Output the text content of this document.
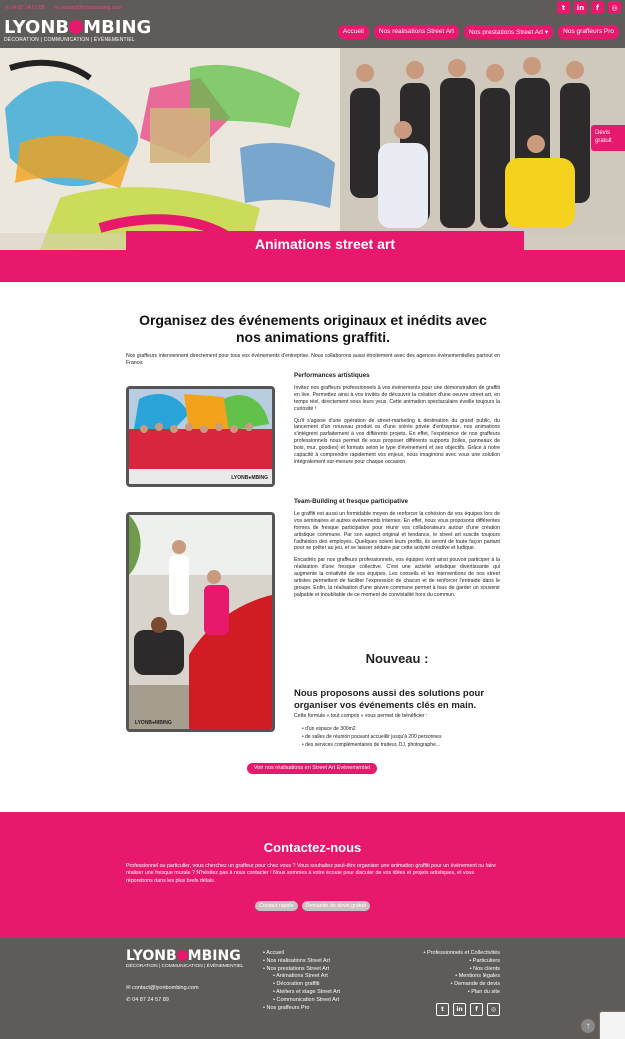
✆ 04 87 24 57 89 ✉ contact@lyonbombing.com	t	in	f	◎
LYONB MBING
DÉCORATION | COMMUNICATION | ÉVÉNEMENTIEL
Accueil	Nos réalisations Street Art	Nos prestations Street Art ▾	Nos graffeurs Pro
Devis gratuit
Animations street art
Organisez des événements originaux et inédits avec nos animations graffiti.

Nos graffeurs interviennent directement pour tous vos événements d'entreprise. Nous collaborons aussi étroitement avec des agences événementielles partout en France.

LYONB●MBING
LYONB●MBING
Performances artistiques

Invitez nos graffeurs professionnels à vos événements pour une démonstration de graffiti en live. Permettez ainsi à vos invités de découvrir la création d'une oeuvre street art, en temps réel, directement sous leurs yeux. Cette animation spectaculaire éveille toujours la curiosité !

Qu'il s'agisse d'une opération de street-marketing à destination du grand public, du lancement d'un nouveau produit ou d'une soirée privée d'entreprise, nos animations s'intègrent parfaitement à vos différents projets. En effet, l'expérience de nos graffeurs professionnels nous permet de vous proposer différents supports (toiles, panneaux de bois, mur, goodies) et formats selon le type d'événement et ses objectifs. Grâce à notre capacité à comprendre rapidement vos enjeux, nous imaginons avec vous une solution intégralement sur-mesure pour chaque occasion.

Team-Building et fresque participative

Le graffiti est aussi un formidable moyen de renforcer la cohésion de vos équipes lors de vos séminaires et autres événements internes. En effet, nous vous proposons différentes formes de fresque participative pour réunir vos collaborateurs autour d'une création artistique commune. Par son aspect original et tendance, le street art suscite toujours l'adhésion des employés. Quelques soient leurs profils, ils seront de toute façon partant pour se prêter au jeu, et se laisser séduire par cette activité créative et ludique.

Encadrés par nos graffeurs professionnels, vos équipes vont ainsi pouvoir participer à la réalisation d'une fresque collective. C'est une activité artistique divertissante qui augmente la créativité de vos équipes. Les conseils et les interventions de nos street artistes permettent de faciliter l'expression de chacun et de renforcer l'entraide dans le groupe. Enfin, la réalisation d'une œuvre commune permet à tous de garder un souvenir palpable et inoubliable de ce moment de convivialité hors du commun.

Nouveau :
Nous proposons aussi des solutions pour organiser vos événements clés en main.
Cette formule « tout compris » vous permet de bénéficier :
• d'un espace de 300m2
• de salles de réunion pouvant accueillir jusqu'à 200 personnes
• des services complémentaires de traiteur, DJ, photographe…
Voir nos réalisations en Street Art Evènementiel
Contactez-nous

Professionnel ou particulier, vous cherchez un graffeur pour chez vous ? Vous souhaitez peut-être organiser une animation graffiti pour un événement ou faire réaliser une fresque murale ? N'hésitez pas à nous contacter ! Nous sommes à votre écoute pour discuter de vos idées et projets artistiques, et vous répondrons dans les plus brefs délais.

Contact rapide	Demande de devis gratuit
LYONB MBING
DÉCORATION | COMMUNICATION | ÉVÉNEMENTIEL
✉ contact@lyonbombing.com
✆ 04 87 24 57 89
• Accueil
• Nos réalisations Street Art
• Nos prestations Street Art
• Animations Street Art
• Décoration graffiti
• Ateliers et stage Street Art
• Communication Street Art
• Nos graffeurs Pro
• Professionnels et Collectivités
• Particuliers
• Nos clients
• Mentions légales
• Demande de devis
• Plan du site
t	in	f	◎
↑
